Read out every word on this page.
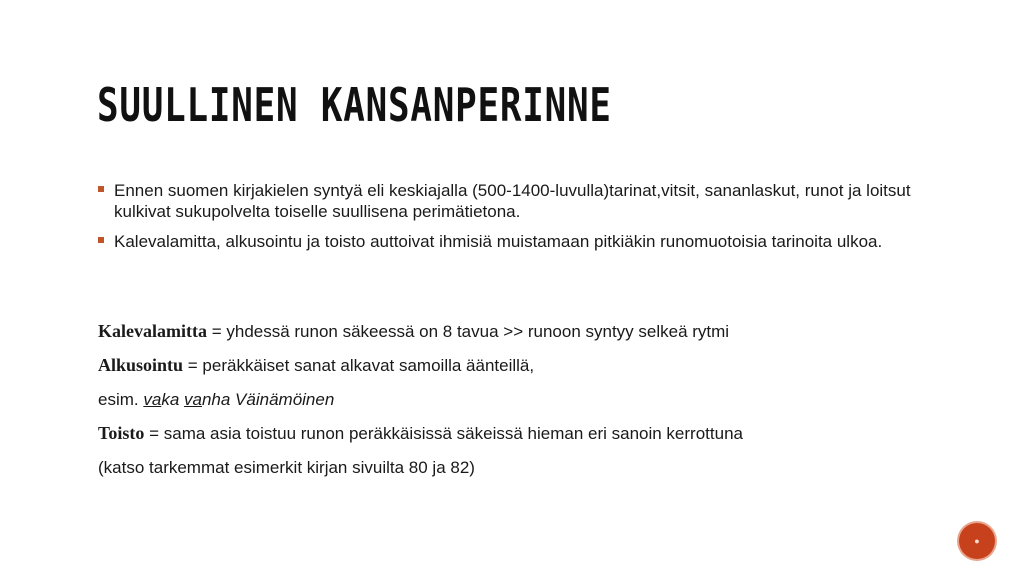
SUULLINEN KANSANPERINNE
Ennen suomen kirjakielen syntyä eli keskiajalla (500-1400-luvulla)tarinat,vitsit, sananlaskut, runot ja loitsut kulkivat sukupolvelta toiselle suullisena perimätietona.
Kalevalamitta, alkusointu ja toisto auttoivat ihmisiä muistamaan pitkiäkin runomuotoisia tarinoita ulkoa.

Kalevalamitta = yhdessä runon säkeessä on 8 tavua >> runoon syntyy selkeä rytmi

Alkusointu = peräkkäiset sanat alkavat samoilla äänteillä,

esim. vaka vanha Väinämöinen

Toisto = sama asia toistuu runon peräkkäisissä säkeissä hieman eri sanoin kerrottuna

(katso tarkemmat esimerkit kirjan sivuilta 80 ja 82)

●
